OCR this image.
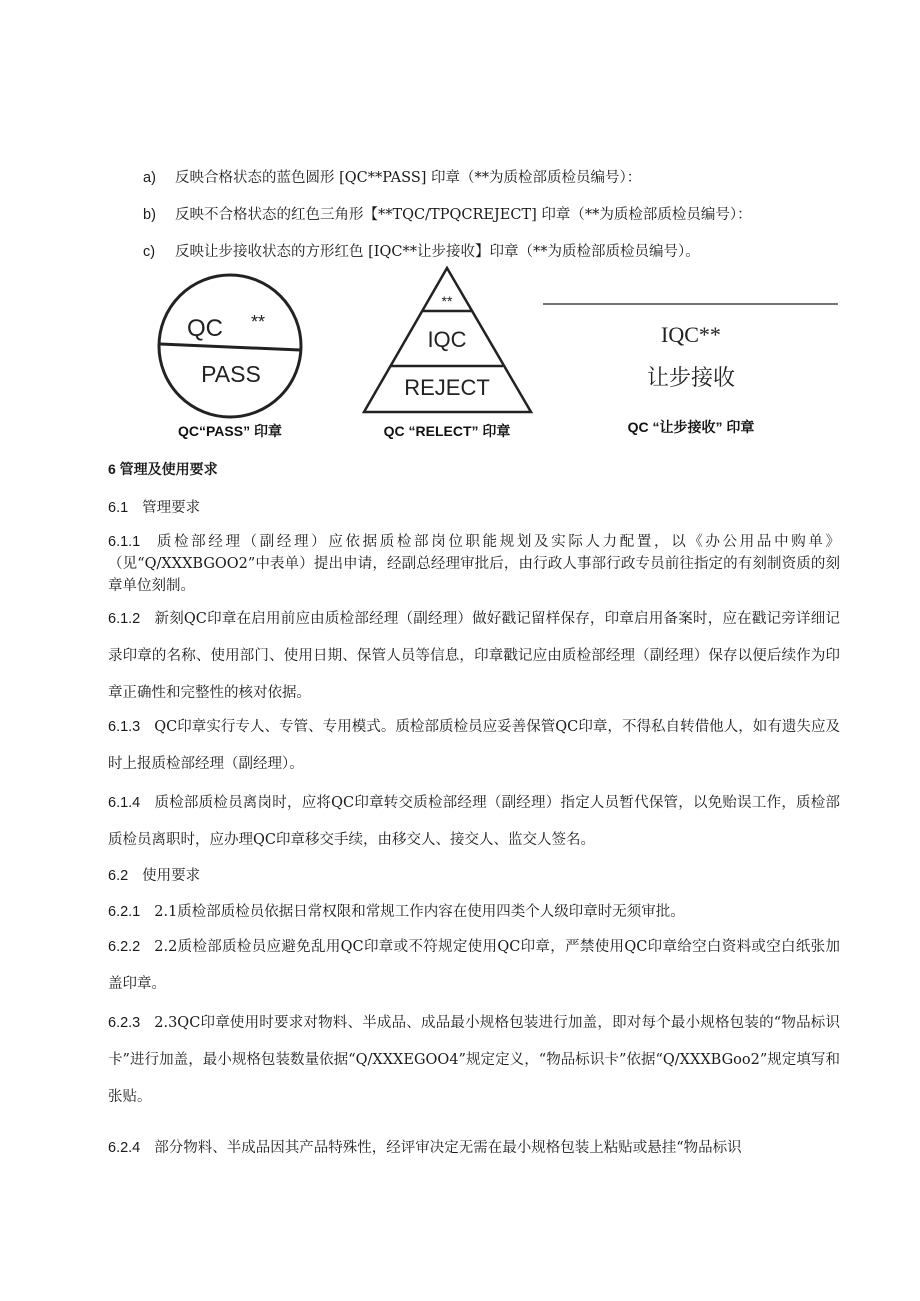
a) 反映合格状态的蓝色圆形 [QC**PASS] 印章（**为质检部质检员编号）：
b) 反映不合格状态的红色三角形【**TQC/TPQCREJECT] 印章（**为质检部质检员编号）：
c) 反映让步接收状态的方形红色 [IQC**让步接收】印章（**为质检部质检员编号）。
QC **
PASS
**
IQC
REJECT
IQC**
让步接收
QC“PASS” 印章	QC “RELECT” 印章	QC “让步接收” 印章
6 管理及使用要求
6.1 管理要求
6.1.1 质检部经理（副经理）应依据质检部岗位职能规划及实际人力配置，以《办公用品中购单》（见“Q/XXXBGOO2”中表单）提出申请，经副总经理审批后，由行政人事部行政专员前往指定的有刻制资质的刻章单位刻制。
6.1.2 新刻QC印章在启用前应由质检部经理（副经理）做好戳记留样保存，印章启用备案时，应在戳记旁详细记录印章的名称、使用部门、使用日期、保管人员等信息，印章戳记应由质检部经理（副经理）保存以便后续作为印章正确性和完整性的核对依据。
6.1.3 QC印章实行专人、专管、专用模式。质检部质检员应妥善保管QC印章，不得私自转借他人，如有遗失应及时上报质检部经理（副经理）。
6.1.4 质检部质检员离岗时，应将QC印章转交质检部经理（副经理）指定人员暂代保管，以免贻误工作，质检部质检员离职时，应办理QC印章移交手续，由移交人、接交人、监交人签名。
6.2 使用要求
6.2.1 2.1质检部质检员依据日常权限和常规工作内容在使用四类个人级印章时无须审批。
6.2.2 2.2质检部质检员应避免乱用QC印章或不符规定使用QC印章，严禁使用QC印章给空白资料或空白纸张加盖印章。
6.2.3 2.3QC印章使用时要求对物料、半成品、成品最小规格包装进行加盖，即对每个最小规格包装的“物品标识卡”进行加盖，最小规格包装数量依据“Q/XXXEGOO4”规定定义，“物品标识卡”依据“Q/XXXBGoo2”规定填写和张贴。
6.2.4 部分物料、半成品因其产品特殊性，经评审决定无需在最小规格包装上粘贴或悬挂“物品标识
